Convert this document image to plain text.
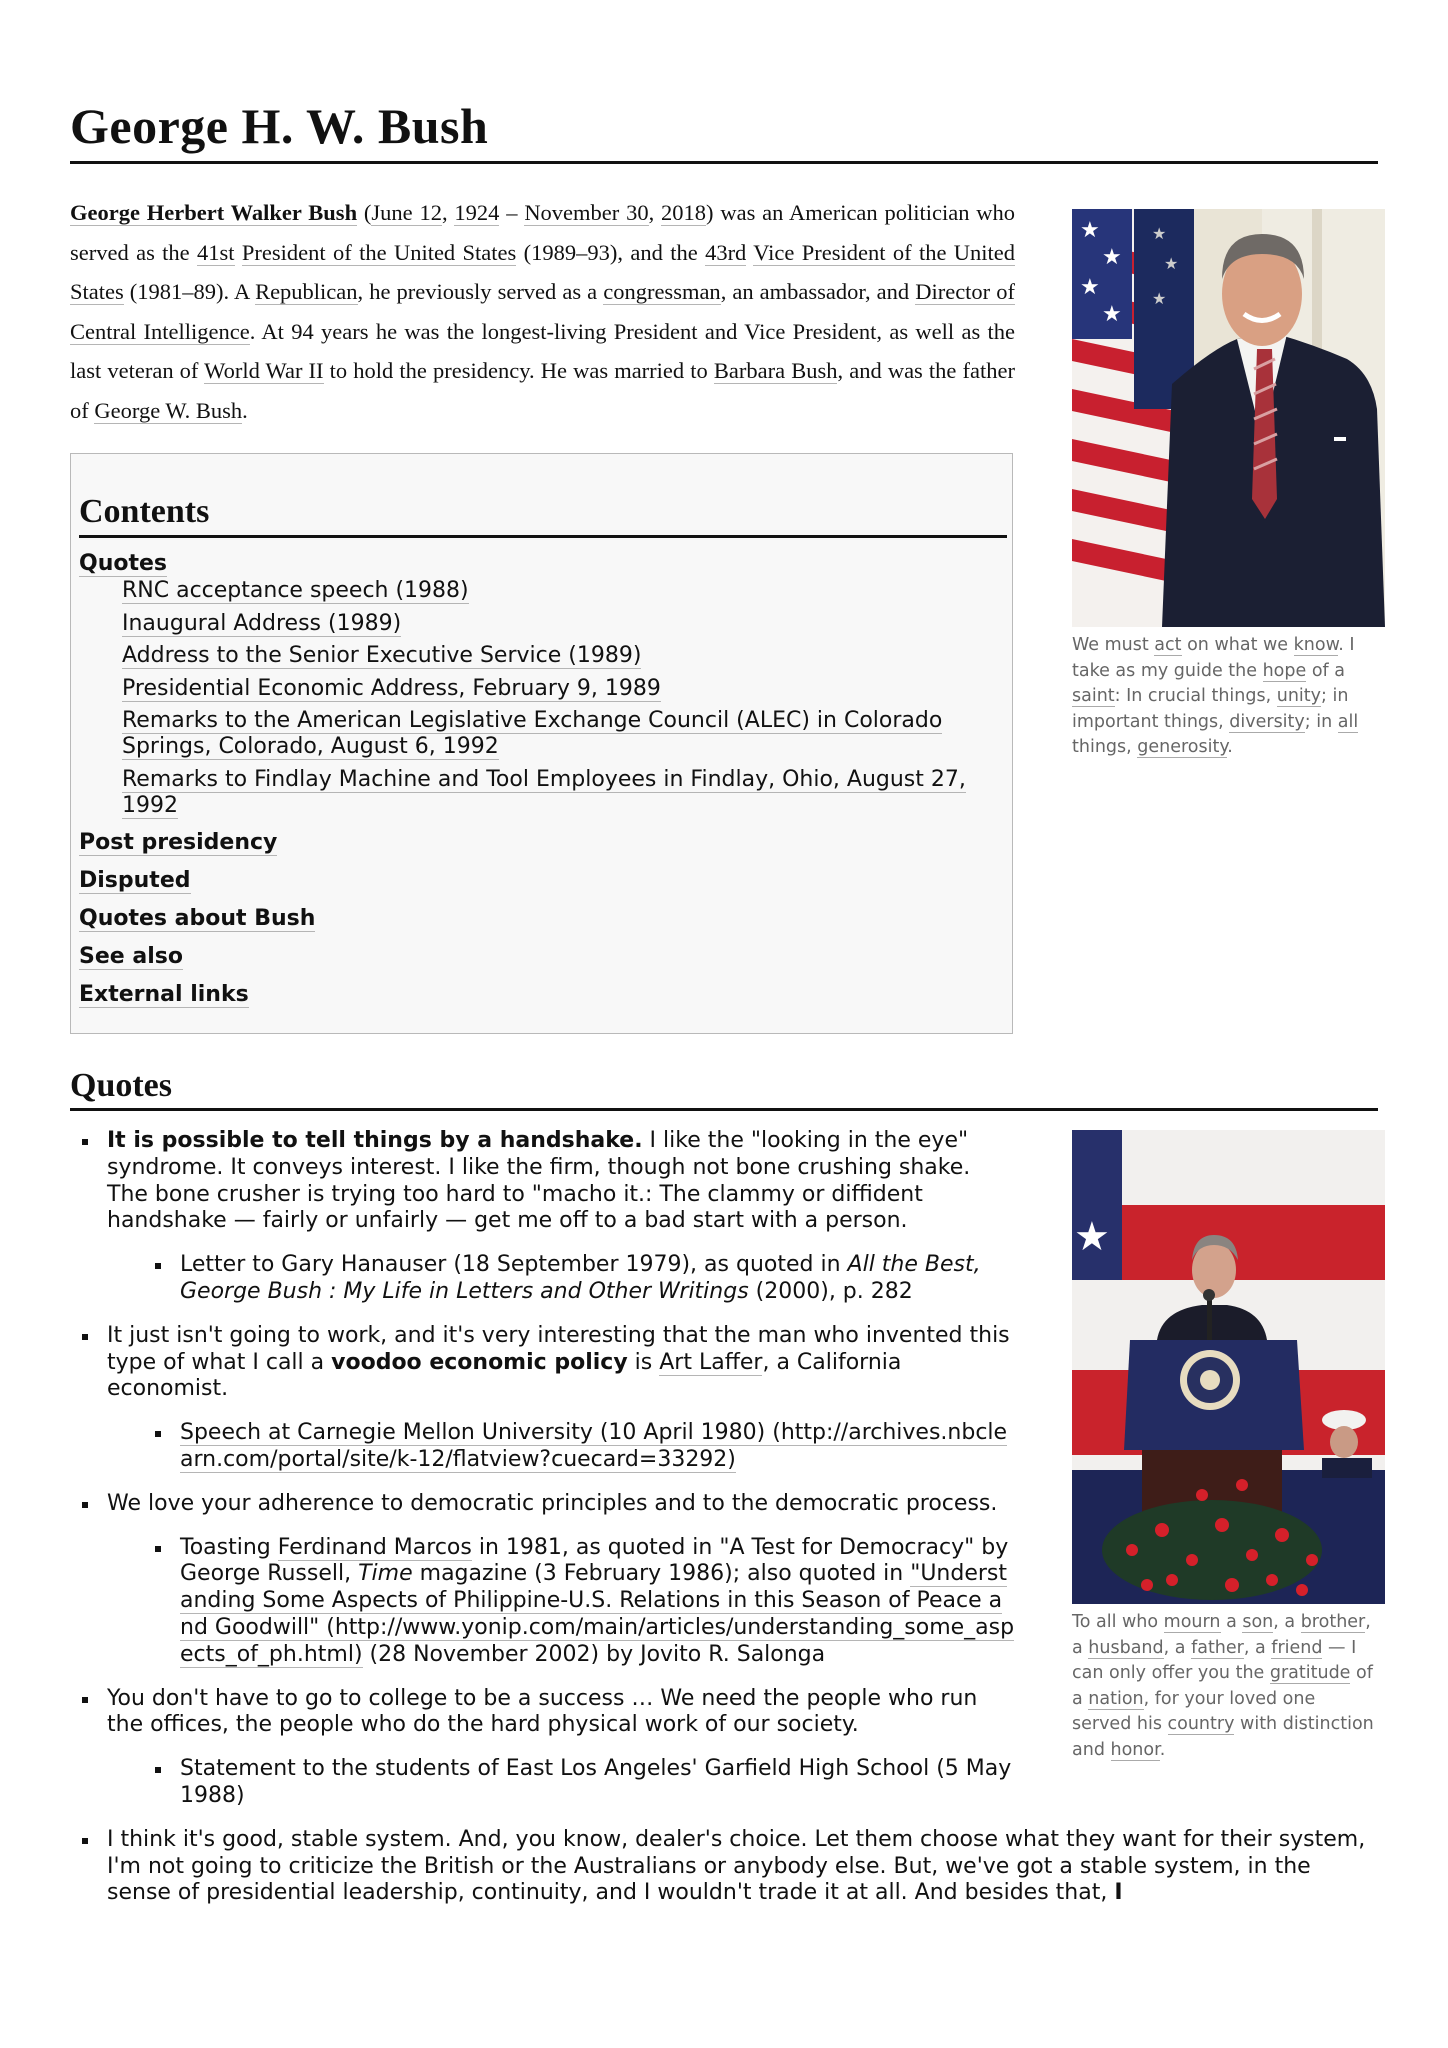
George H. W. Bush

George Herbert Walker Bush (June 12, 1924 – November 30, 2018) was an American politician who served as the 41st President of the United States (1989–93), and the 43rd Vice President of the United States (1981–89). A Republican, he previously served as a congressman, an ambassador, and Director of Central Intelligence. At 94 years he was the longest-living President and Vice President, as well as the last veteran of World War II to hold the presidency. He was married to Barbara Bush, and was the father of George W. Bush.

★
★
★
★
★
★
★
We must act on what we know. I take as my guide the hope of a saint: In crucial things, unity; in important things, diversity; in all things, generosity.
Contents
Quotes
RNC acceptance speech (1988)
Inaugural Address (1989)
Address to the Senior Executive Service (1989)
Presidential Economic Address, February 9, 1989
Remarks to the American Legislative Exchange Council (ALEC) in Colorado Springs, Colorado, August 6, 1992
Remarks to Findlay Machine and Tool Employees in Findlay, Ohio, August 27, 1992
Post presidency
Disputed
Quotes about Bush
See also
External links
Quotes
★
To all who mourn a son, a brother, a husband, a father, a friend — I can only offer you the gratitude of a nation, for your loved one served his country with distinction and honor.
It is possible to tell things by a handshake. I like the "looking in the eye" syndrome. It conveys interest. I like the firm, though not bone crushing shake. The bone crusher is trying too hard to "macho it.: The clammy or diffident handshake — fairly or unfairly — get me off to a bad start with a person.
Letter to Gary Hanauser (18 September 1979), as quoted in All the Best, George Bush : My Life in Letters and Other Writings (2000), p. 282
It just isn't going to work, and it's very interesting that the man who invented this type of what I call a voodoo economic policy is Art Laffer, a California economist.
Speech at Carnegie Mellon University (10 April 1980) (http://archives.nbclearn.com/portal/site/k-12/flatview?cuecard=33292)
We love your adherence to democratic principles and to the democratic process.
Toasting Ferdinand Marcos in 1981, as quoted in "A Test for Democracy" by George Russell, Time magazine (3 February 1986); also quoted in "Understanding Some Aspects of Philippine-U.S. Relations in this Season of Peace and Goodwill" (http://www.yonip.com/main/articles/understanding_some_aspects_of_ph.html) (28 November 2002) by Jovito R. Salonga
You don't have to go to college to be a success … We need the people who run the offices, the people who do the hard physical work of our society.
Statement to the students of East Los Angeles' Garfield High School (5 May 1988)
I think it's good, stable system. And, you know, dealer's choice. Let them choose what they want for their system, I'm not going to criticize the British or the Australians or anybody else. But, we've got a stable system, in the sense of presidential leadership, continuity, and I wouldn't trade it at all. And besides that, I
